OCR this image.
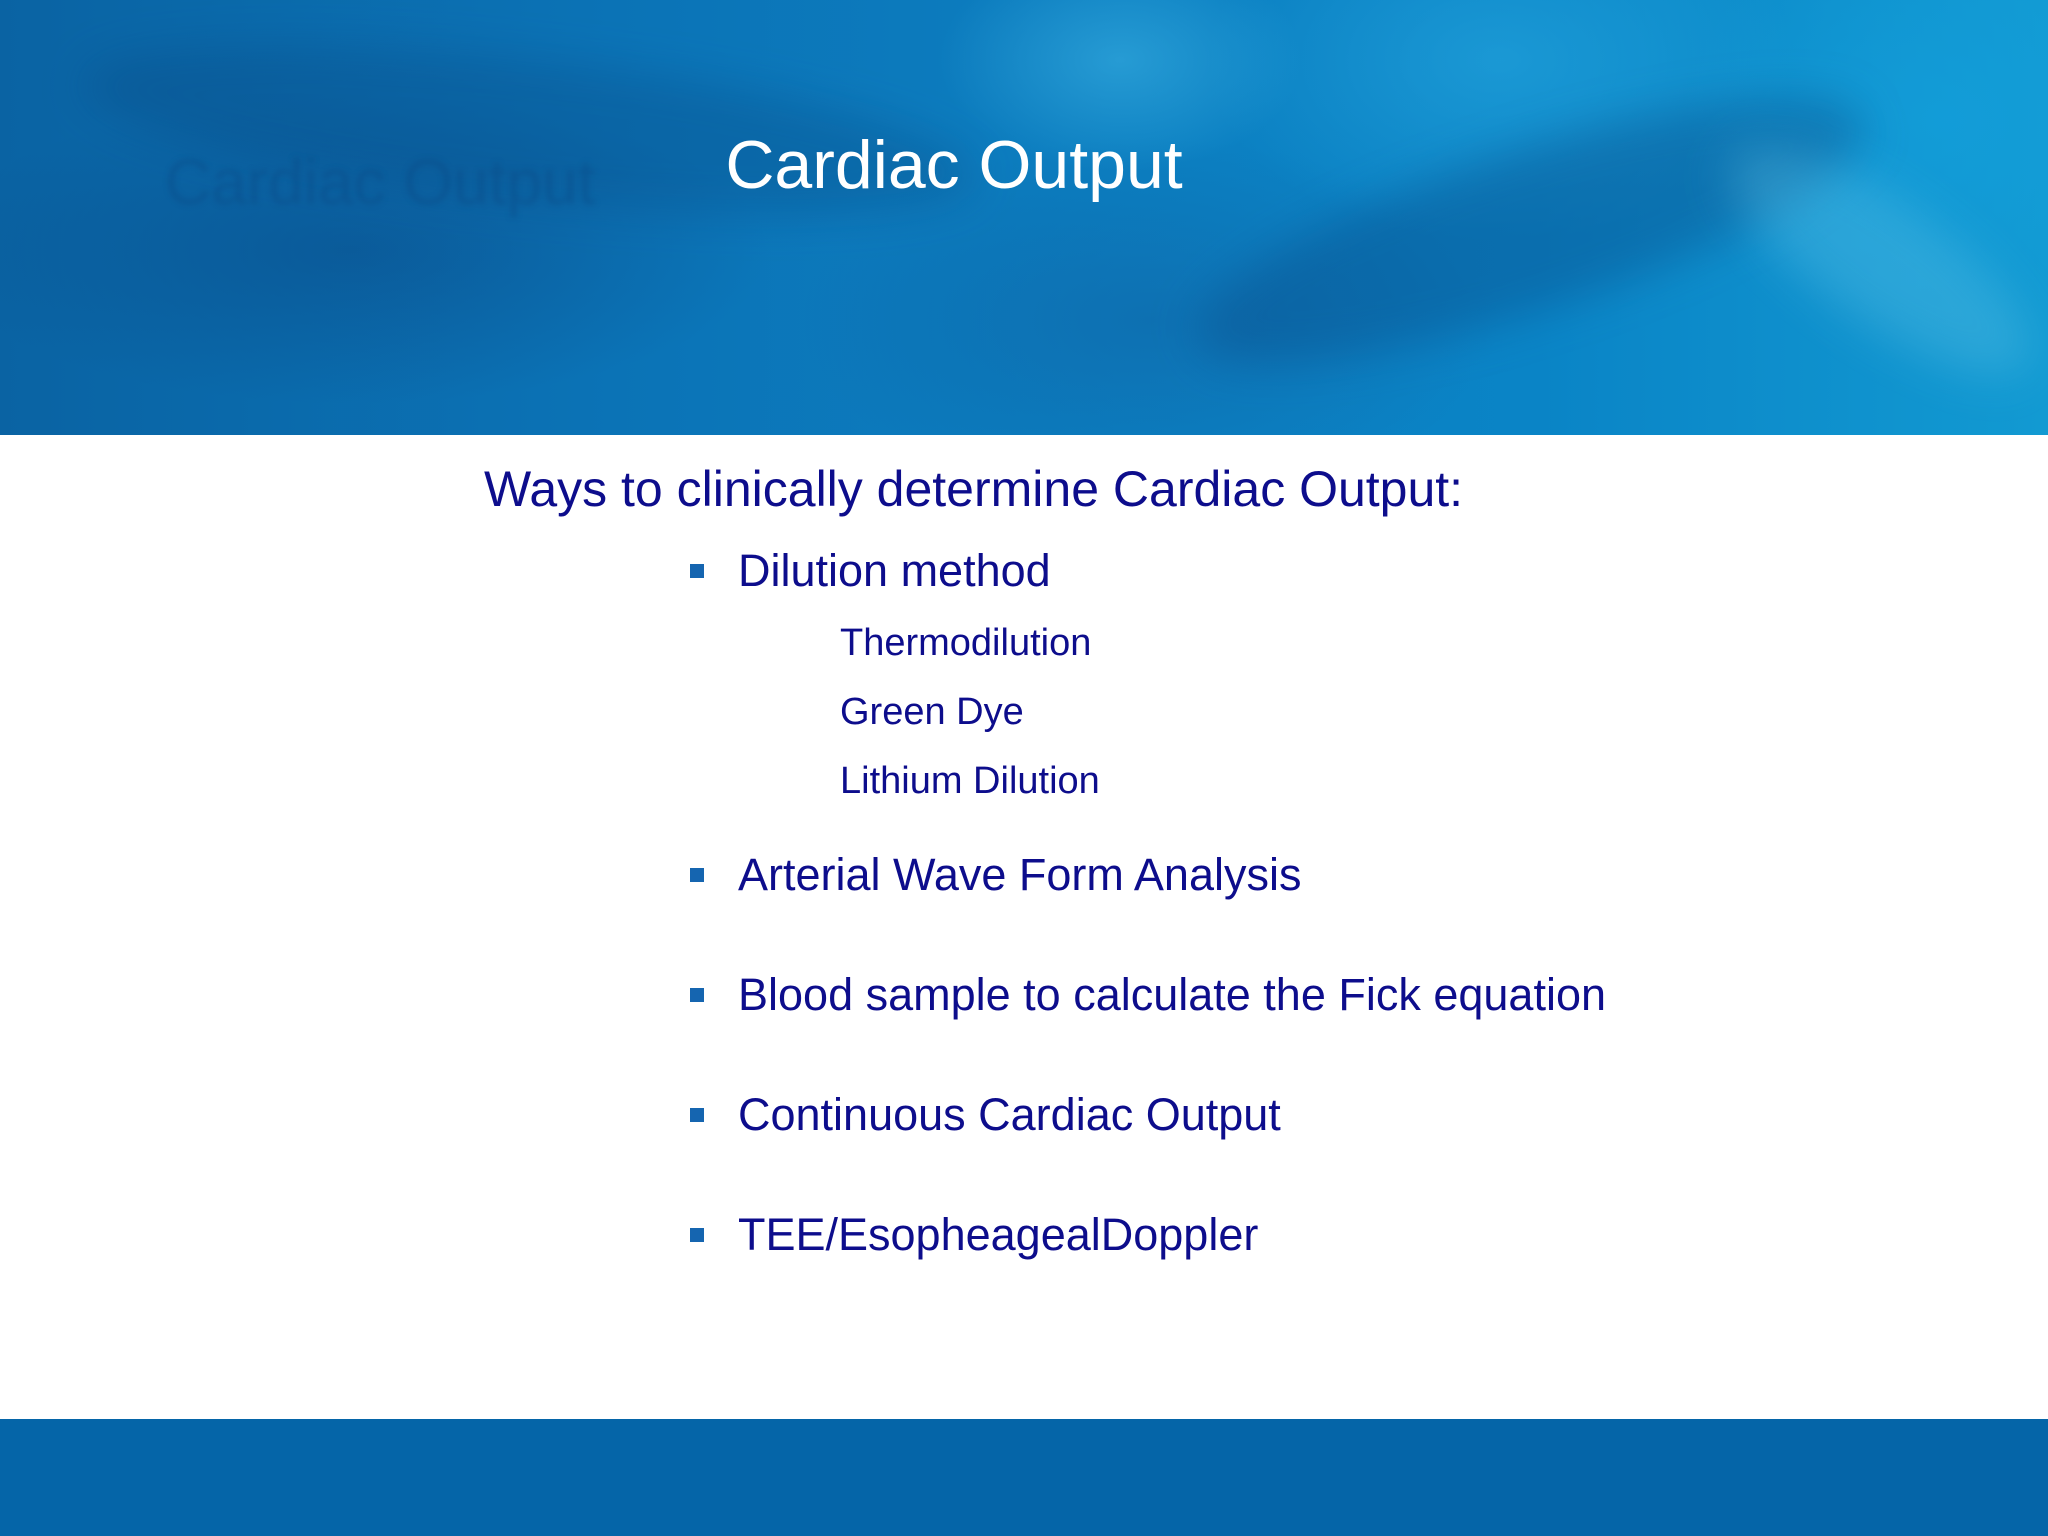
Cardiac Output	Cardiac Output
Ways to clinically determine Cardiac Output:
Dilution method
Thermodilution
Green Dye
Lithium Dilution
Arterial Wave Form Analysis
Blood sample to calculate the Fick equation
Continuous Cardiac Output
TEE/EsopheagealDoppler
